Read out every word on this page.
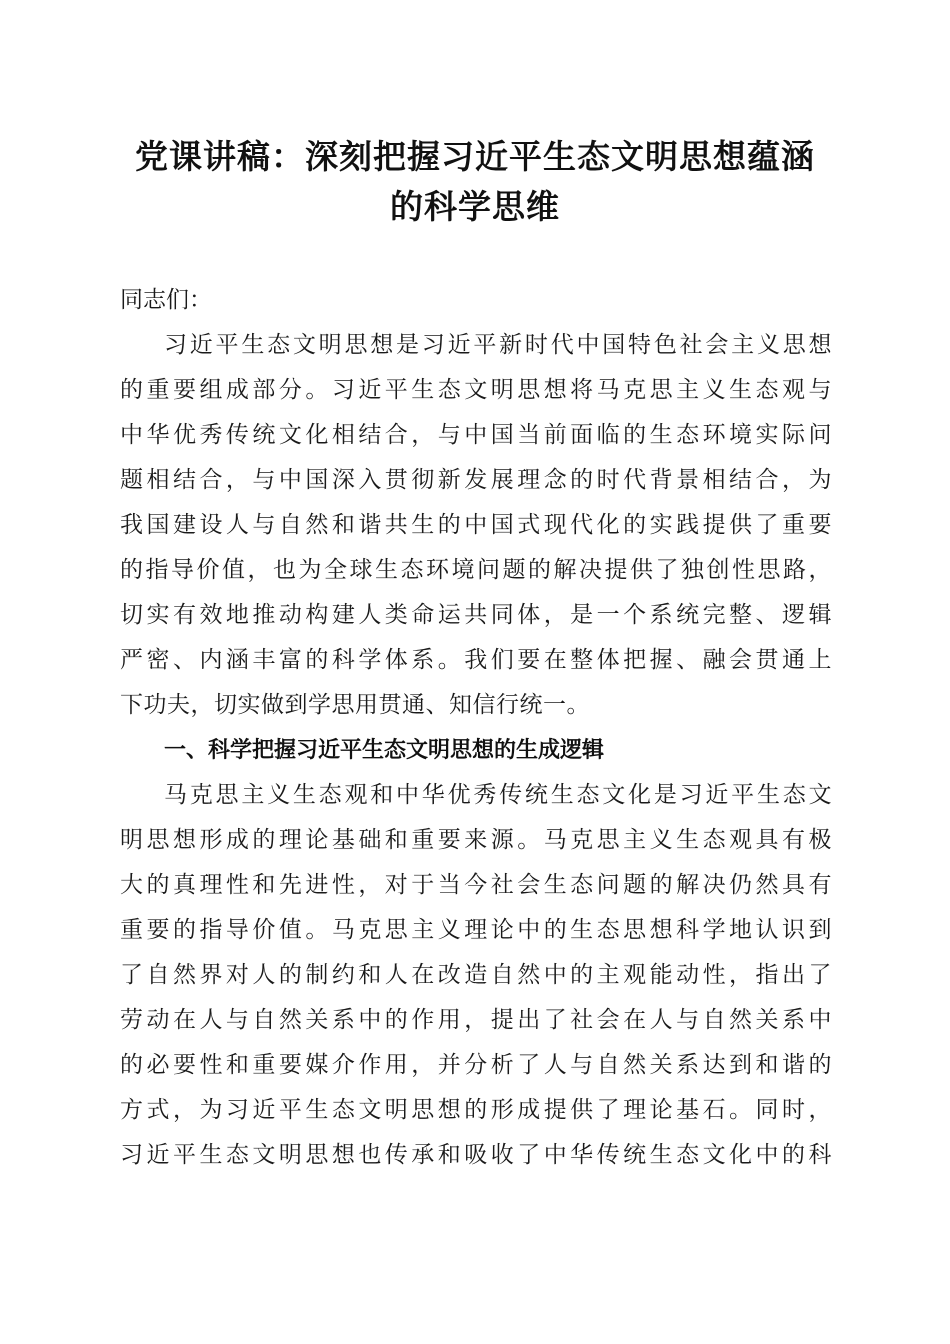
党课讲稿：深刻把握习近平生态文明思想蕴涵
的科学思维
同志们：
习近平生态文明思想是习近平新时代中国特色社会主义思想
的重要组成部分。习近平生态文明思想将马克思主义生态观与
中华优秀传统文化相结合，与中国当前面临的生态环境实际问
题相结合，与中国深入贯彻新发展理念的时代背景相结合，为
我国建设人与自然和谐共生的中国式现代化的实践提供了重要
的指导价值，也为全球生态环境问题的解决提供了独创性思路，
切实有效地推动构建人类命运共同体，是一个系统完整、逻辑
严密、内涵丰富的科学体系。我们要在整体把握、融会贯通上
下功夫，切实做到学思用贯通、知信行统一。
一、科学把握习近平生态文明思想的生成逻辑
马克思主义生态观和中华优秀传统生态文化是习近平生态文
明思想形成的理论基础和重要来源。马克思主义生态观具有极
大的真理性和先进性，对于当今社会生态问题的解决仍然具有
重要的指导价值。马克思主义理论中的生态思想科学地认识到
了自然界对人的制约和人在改造自然中的主观能动性，指出了
劳动在人与自然关系中的作用，提出了社会在人与自然关系中
的必要性和重要媒介作用，并分析了人与自然关系达到和谐的
方式，为习近平生态文明思想的形成提供了理论基石。同时，
习近平生态文明思想也传承和吸收了中华传统生态文化中的科
